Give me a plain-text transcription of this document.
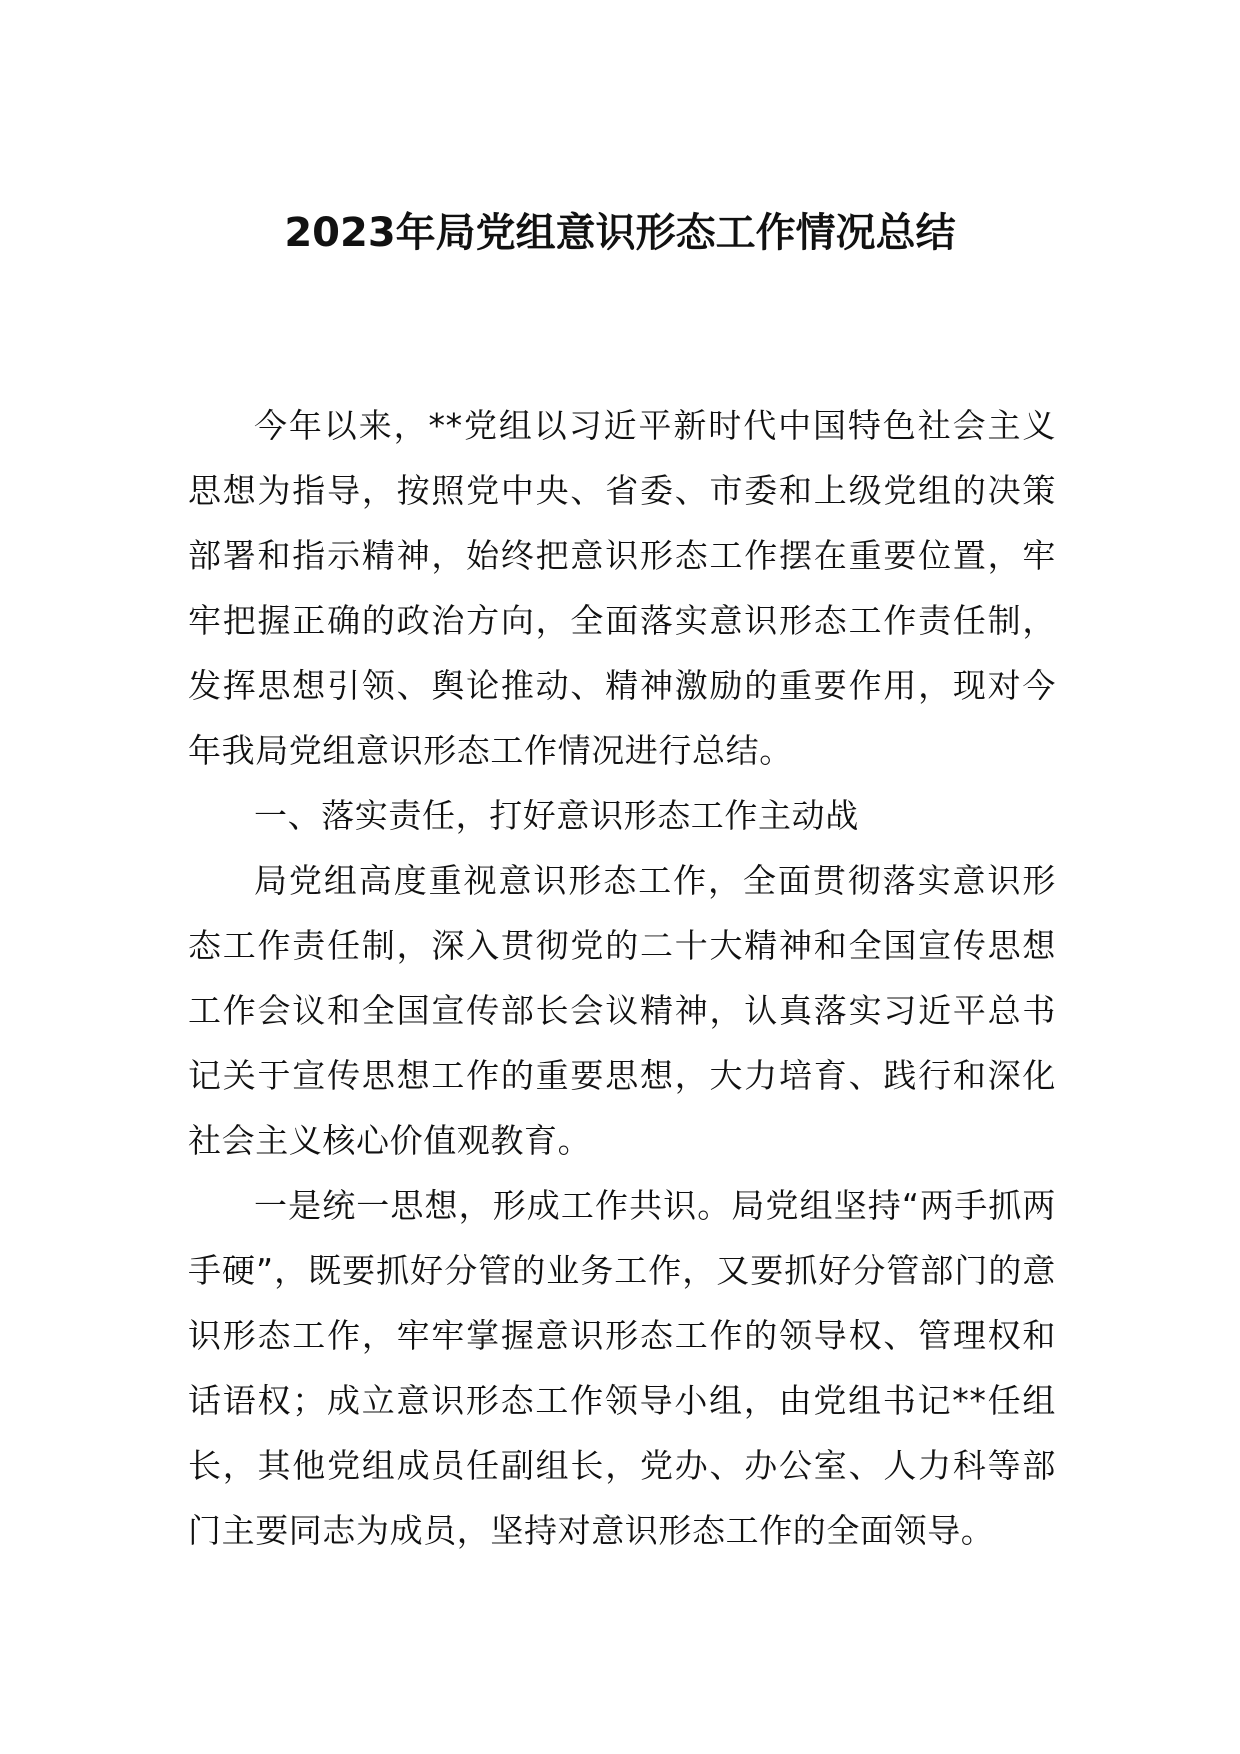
2023年局党组意识形态工作情况总结

今年以来，**党组以习近平新时代中国特色社会主义思想为指导，按照党中央、省委、市委和上级党组的决策部署和指示精神，始终把意识形态工作摆在重要位置，牢牢把握正确的政治方向，全面落实意识形态工作责任制，发挥思想引领、舆论推动、精神激励的重要作用，现对今年我局党组意识形态工作情况进行总结。

一、落实责任，打好意识形态工作主动战

局党组高度重视意识形态工作，全面贯彻落实意识形态工作责任制，深入贯彻党的二十大精神和全国宣传思想工作会议和全国宣传部长会议精神，认真落实习近平总书记关于宣传思想工作的重要思想，大力培育、践行和深化社会主义核心价值观教育。

一是统一思想，形成工作共识。局党组坚持“两手抓两手硬”，既要抓好分管的业务工作，又要抓好分管部门的意识形态工作，牢牢掌握意识形态工作的领导权、管理权和话语权；成立意识形态工作领导小组，由党组书记**任组长，其他党组成员任副组长，党办、办公室、人力科等部门主要同志为成员，坚持对意识形态工作的全面领导。
